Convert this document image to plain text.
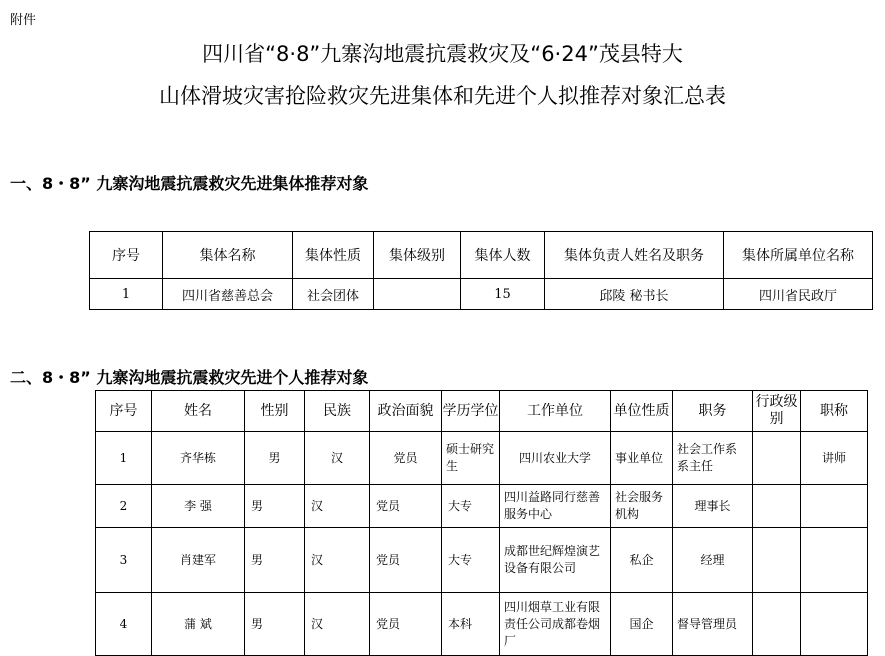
附件
四川省“8·8”九寨沟地震抗震救灾及“6·24”茂县特大
山体滑坡灾害抢险救灾先进集体和先进个人拟推荐对象汇总表
一、8・8” 九寨沟地震抗震救灾先进集体推荐对象
序号	集体名称	集体性质	集体级别	集体人数	集体负责人姓名及职务	集体所属单位名称
1	四川省慈善总会	社会团体		15	邱陵 秘书长	四川省民政厅
二、8・8” 九寨沟地震抗震救灾先进个人推荐对象
序号	姓名	性别	民族	政治面貌	学历学位	工作单位	单位性质	职务	行政级别	职称
1	齐华栋	男	汉	党员	硕士研究生	四川农业大学	事业单位	社会工作系系主任		讲师
2	李 强	男	汉	党员	大专	四川益路同行慈善服务中心	社会服务机构	理事长		
3	肖建军	男	汉	党员	大专	成都世纪辉煌演艺设备有限公司	私企	经理		
4	蒲 斌	男	汉	党员	本科	四川烟草工业有限责任公司成都卷烟厂	国企	督导管理员		
